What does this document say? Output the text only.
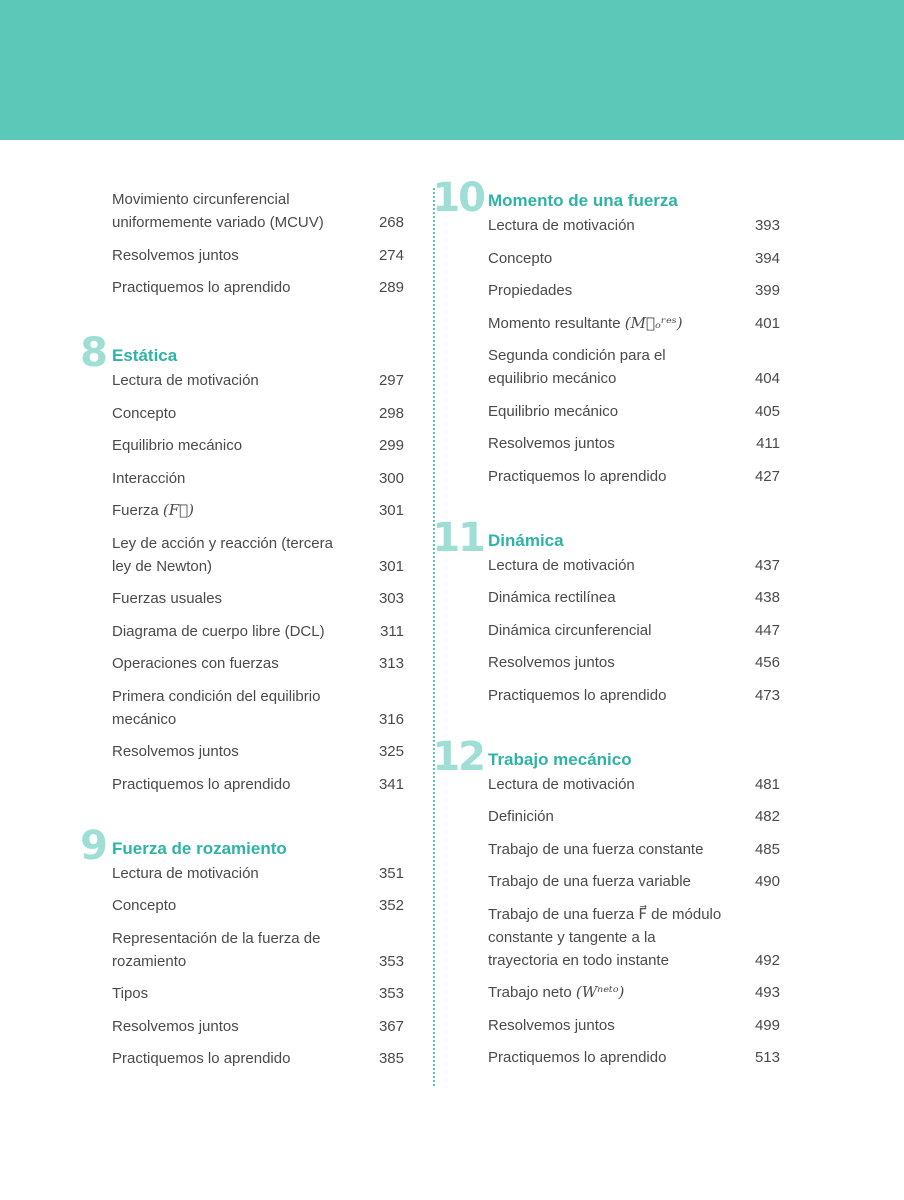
Movimiento circunferencial uniformemente variado (MCUV)	268
Resolvemos juntos	274
Practiquemos lo aprendido	289
8 Estática
Lectura de motivación	297
Concepto	298
Equilibrio mecánico	299
Interacción	300
Fuerza (F⃗)	301
Ley de acción y reacción (tercera ley de Newton)	301
Fuerzas usuales	303
Diagrama de cuerpo libre (DCL)	311
Operaciones con fuerzas	313
Primera condición del equilibrio mecánico	316
Resolvemos juntos	325
Practiquemos lo aprendido	341
9 Fuerza de rozamiento
Lectura de motivación	351
Concepto	352
Representación de la fuerza de rozamiento	353
Tipos	353
Resolvemos juntos	367
Practiquemos lo aprendido	385
10 Momento de una fuerza
Lectura de motivación	393
Concepto	394
Propiedades	399
Momento resultante (M⃗ₒʳᵉˢ)	401
Segunda condición para el equilibrio mecánico	404
Equilibrio mecánico	405
Resolvemos juntos	411
Practiquemos lo aprendido	427
11 Dinámica
Lectura de motivación	437
Dinámica rectilínea	438
Dinámica circunferencial	447
Resolvemos juntos	456
Practiquemos lo aprendido	473
12 Trabajo mecánico
Lectura de motivación	481
Definición	482
Trabajo de una fuerza constante	485
Trabajo de una fuerza variable	490
Trabajo de una fuerza F⃗ de módulo constante y tangente a la trayectoria en todo instante	492
Trabajo neto (Wⁿᵉᵗᵒ)	493
Resolvemos juntos	499
Practiquemos lo aprendido	513
